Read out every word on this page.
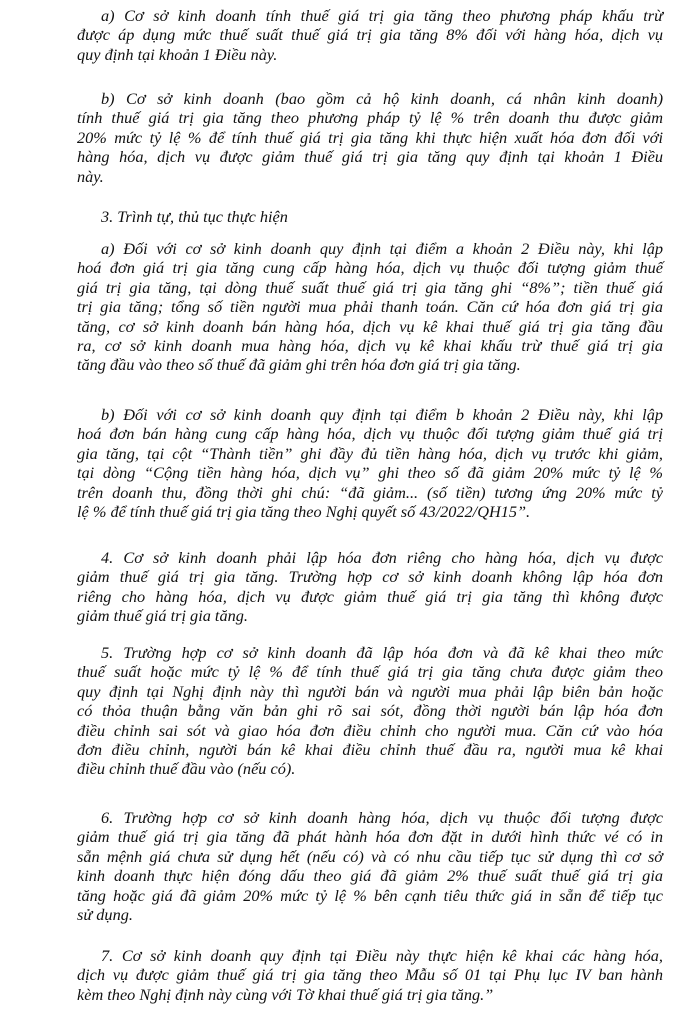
a) Cơ sở kinh doanh tính thuế giá trị gia tăng theo phương pháp khấu trừ
được áp dụng mức thuế suất thuế giá trị gia tăng 8% đối với hàng hóa, dịch vụ
quy định tại khoản 1 Điều này.
b) Cơ sở kinh doanh (bao gồm cả hộ kinh doanh, cá nhân kinh doanh)
tính thuế giá trị gia tăng theo phương pháp tỷ lệ % trên doanh thu được giảm
20% mức tỷ lệ % để tính thuế giá trị gia tăng khi thực hiện xuất hóa đơn đối với
hàng hóa, dịch vụ được giảm thuế giá trị gia tăng quy định tại khoản 1 Điều
này.
3. Trình tự, thủ tục thực hiện
a) Đối với cơ sở kinh doanh quy định tại điểm a khoản 2 Điều này, khi lập
hoá đơn giá trị gia tăng cung cấp hàng hóa, dịch vụ thuộc đối tượng giảm thuế
giá trị gia tăng, tại dòng thuế suất thuế giá trị gia tăng ghi “8%”; tiền thuế giá
trị gia tăng; tổng số tiền người mua phải thanh toán. Căn cứ hóa đơn giá trị gia
tăng, cơ sở kinh doanh bán hàng hóa, dịch vụ kê khai thuế giá trị gia tăng đầu
ra, cơ sở kinh doanh mua hàng hóa, dịch vụ kê khai khấu trừ thuế giá trị gia
tăng đầu vào theo số thuế đã giảm ghi trên hóa đơn giá trị gia tăng.
b) Đối với cơ sở kinh doanh quy định tại điểm b khoản 2 Điều này, khi lập
hoá đơn bán hàng cung cấp hàng hóa, dịch vụ thuộc đối tượng giảm thuế giá trị
gia tăng, tại cột “Thành tiền” ghi đầy đủ tiền hàng hóa, dịch vụ trước khi giảm,
tại dòng “Cộng tiền hàng hóa, dịch vụ” ghi theo số đã giảm 20% mức tỷ lệ %
trên doanh thu, đồng thời ghi chú: “đã giảm... (số tiền) tương ứng 20% mức tỷ
lệ % để tính thuế giá trị gia tăng theo Nghị quyết số 43/2022/QH15”.
4. Cơ sở kinh doanh phải lập hóa đơn riêng cho hàng hóa, dịch vụ được
giảm thuế giá trị gia tăng. Trường hợp cơ sở kinh doanh không lập hóa đơn
riêng cho hàng hóa, dịch vụ được giảm thuế giá trị gia tăng thì không được
giảm thuế giá trị gia tăng.
5. Trường hợp cơ sở kinh doanh đã lập hóa đơn và đã kê khai theo mức
thuế suất hoặc mức tỷ lệ % để tính thuế giá trị gia tăng chưa được giảm theo
quy định tại Nghị định này thì người bán và người mua phải lập biên bản hoặc
có thỏa thuận bằng văn bản ghi rõ sai sót, đồng thời người bán lập hóa đơn
điều chỉnh sai sót và giao hóa đơn điều chỉnh cho người mua. Căn cứ vào hóa
đơn điều chỉnh, người bán kê khai điều chỉnh thuế đầu ra, người mua kê khai
điều chỉnh thuế đầu vào (nếu có).
6. Trường hợp cơ sở kinh doanh hàng hóa, dịch vụ thuộc đối tượng được
giảm thuế giá trị gia tăng đã phát hành hóa đơn đặt in dưới hình thức vé có in
sẵn mệnh giá chưa sử dụng hết (nếu có) và có nhu cầu tiếp tục sử dụng thì cơ sở
kinh doanh thực hiện đóng dấu theo giá đã giảm 2% thuế suất thuế giá trị gia
tăng hoặc giá đã giảm 20% mức tỷ lệ % bên cạnh tiêu thức giá in sẵn để tiếp tục
sử dụng.
7. Cơ sở kinh doanh quy định tại Điều này thực hiện kê khai các hàng hóa,
dịch vụ được giảm thuế giá trị gia tăng theo Mẫu số 01 tại Phụ lục IV ban hành
kèm theo Nghị định này cùng với Tờ khai thuế giá trị gia tăng.”
